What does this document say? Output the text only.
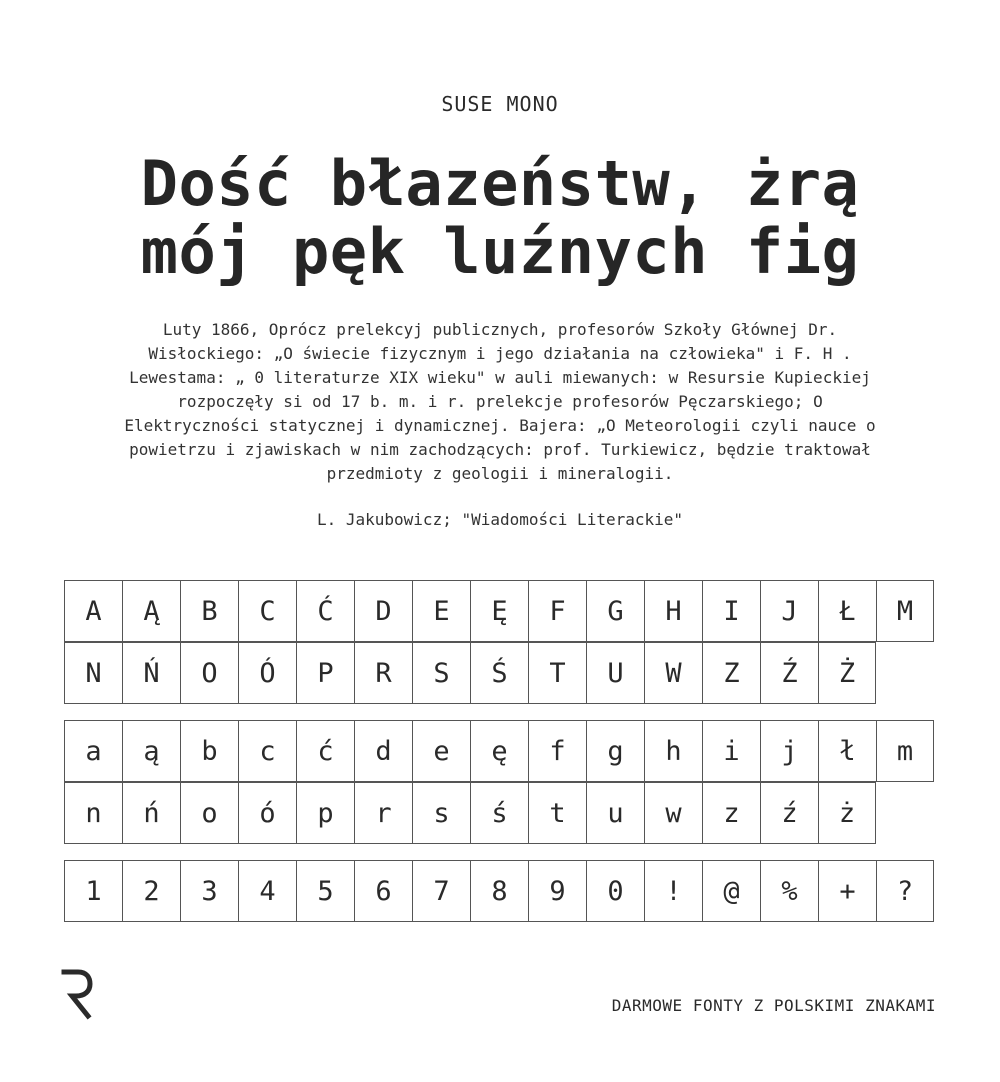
SUSE MONO
Dość błazeństw, żrą
mój pęk luźnych fig

Luty 1866, Oprócz prelekcyj publicznych, profesorów Szkoły Głównej Dr.
Wisłockiego: „O świecie fizycznym i jego działania na człowieka" i F. H .
Lewestama: „ 0 literaturze XIX wieku" w auli miewanych: w Resursie Kupieckiej
rozpoczęły si od 17 b. m. i r. prelekcje profesorów Pęczarskiego; O
Elektryczności statycznej i dynamicznej. Bajera: „O Meteorologii czyli nauce o
powietrzu i zjawiskach w nim zachodzących: prof. Turkiewicz, będzie traktował
przedmioty z geologii i mineralogii.

L. Jakubowicz; "Wiadomości Literackie"
A	Ą	B	C	Ć	D	E	Ę	F	G	H	I	J	Ł	M
N	Ń	O	Ó	P	R	S	Ś	T	U	W	Z	Ź	Ż
a	ą	b	c	ć	d	e	ę	f	g	h	i	j	ł	m
n	ń	o	ó	p	r	s	ś	t	u	w	z	ź	ż
1	2	3	4	5	6	7	8	9	0	!	@	%	+	?
DARMOWE FONTY Z POLSKIMI ZNAKAMI
